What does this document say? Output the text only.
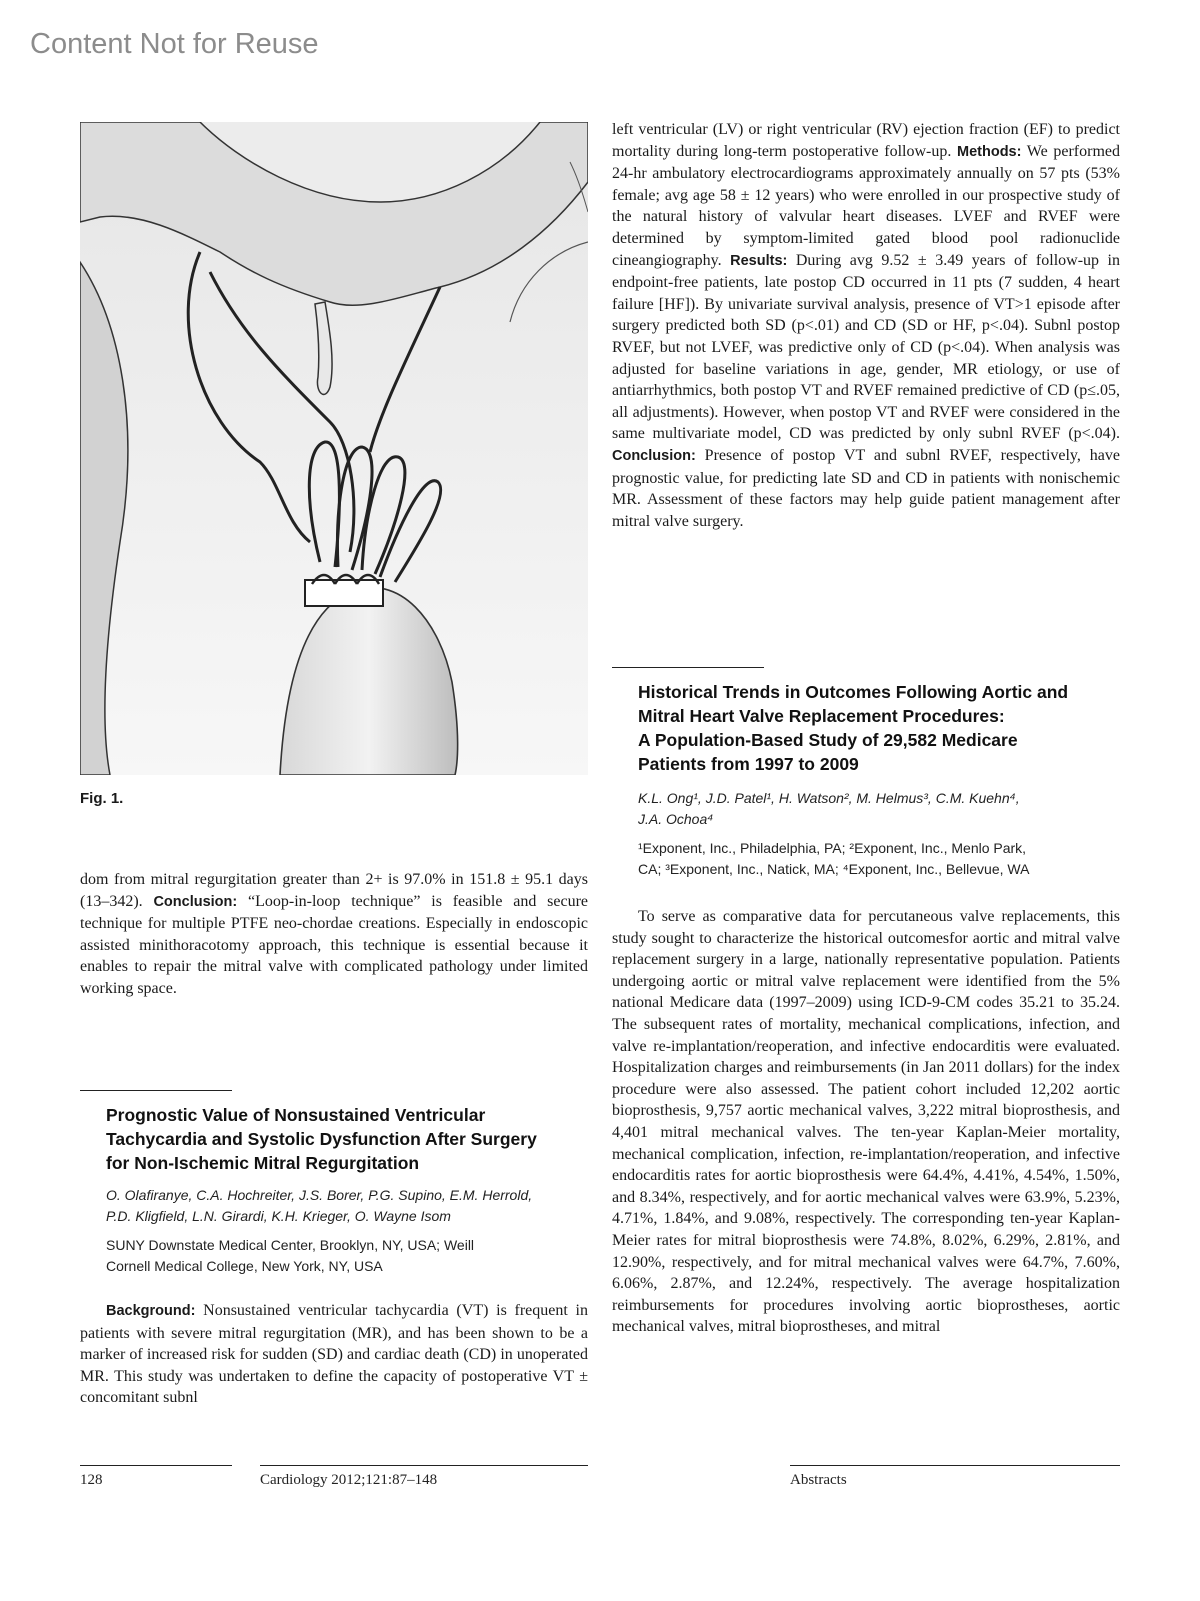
Content Not for Reuse
Fig. 1.

dom from mitral regurgitation greater than 2+ is 97.0% in 151.8 ± 95.1 days (13–342). Conclusion: “Loop-in-loop technique” is feasible and secure technique for multiple PTFE neo-chordae creations. Especially in endoscopic assisted minithoracotomy approach, this technique is essential because it enables to repair the mitral valve with complicated pathology under limited working space.

Prognostic Value of Nonsustained Ventricular
Tachycardia and Systolic Dysfunction After Surgery
for Non-Ischemic Mitral Regurgitation

O. Olafiranye, C.A. Hochreiter, J.S. Borer, P.G. Supino, E.M. Herrold,
P.D. Kligfield, L.N. Girardi, K.H. Krieger, O. Wayne Isom

SUNY Downstate Medical Center, Brooklyn, NY, USA; Weill
Cornell Medical College, New York, NY, USA

Background: Nonsustained ventricular tachycardia (VT) is frequent in patients with severe mitral regurgitation (MR), and has been shown to be a marker of increased risk for sudden (SD) and cardiac death (CD) in unoperated MR. This study was undertaken to define the capacity of postoperative VT ± concomitant subnl

left ventricular (LV) or right ventricular (RV) ejection fraction (EF) to predict mortality during long-term postoperative follow-up. Methods: We performed 24-hr ambulatory electrocardiograms approximately annually on 57 pts (53% female; avg age 58 ± 12 years) who were enrolled in our prospective study of the natural history of valvular heart diseases. LVEF and RVEF were determined by symptom-limited gated blood pool radionuclide cineangiography. Results: During avg 9.52 ± 3.49 years of follow-up in endpoint-free patients, late postop CD occurred in 11 pts (7 sudden, 4 heart failure [HF]). By univariate survival analysis, presence of VT>1 episode after surgery predicted both SD (p<.01) and CD (SD or HF, p<.04). Subnl postop RVEF, but not LVEF, was predictive only of CD (p<.04). When analysis was adjusted for baseline variations in age, gender, MR etiology, or use of antiarrhythmics, both postop VT and RVEF remained predictive of CD (p≤.05, all adjustments). However, when postop VT and RVEF were considered in the same multivariate model, CD was predicted by only subnl RVEF (p<.04). Conclusion: Presence of postop VT and subnl RVEF, respectively, have prognostic value, for predicting late SD and CD in patients with nonischemic MR. Assessment of these factors may help guide patient management after mitral valve surgery.

Historical Trends in Outcomes Following Aortic and
Mitral Heart Valve Replacement Procedures:
A Population-Based Study of 29,582 Medicare
Patients from 1997 to 2009

K.L. Ong¹, J.D. Patel¹, H. Watson², M. Helmus³, C.M. Kuehn⁴,
J.A. Ochoa⁴

¹Exponent, Inc., Philadelphia, PA; ²Exponent, Inc., Menlo Park,
CA; ³Exponent, Inc., Natick, MA; ⁴Exponent, Inc., Bellevue, WA

To serve as comparative data for percutaneous valve replacements, this study sought to characterize the historical outcomesfor aortic and mitral valve replacement surgery in a large, nationally representative population. Patients undergoing aortic or mitral valve replacement were identified from the 5% national Medicare data (1997–2009) using ICD-9-CM codes 35.21 to 35.24. The subsequent rates of mortality, mechanical complications, infection, and valve re-implantation/reoperation, and infective endocarditis were evaluated. Hospitalization charges and reimbursements (in Jan 2011 dollars) for the index procedure were also assessed. The patient cohort included 12,202 aortic bioprosthesis, 9,757 aortic mechanical valves, 3,222 mitral bioprosthesis, and 4,401 mitral mechanical valves. The ten-year Kaplan-Meier mortality, mechanical complication, infection, re-implantation/reoperation, and infective endocarditis rates for aortic bioprosthesis were 64.4%, 4.41%, 4.54%, 1.50%, and 8.34%, respectively, and for aortic mechanical valves were 63.9%, 5.23%, 4.71%, 1.84%, and 9.08%, respectively. The corresponding ten-year Kaplan-Meier rates for mitral bioprosthesis were 74.8%, 8.02%, 6.29%, 2.81%, and 12.90%, respectively, and for mitral mechanical valves were 64.7%, 7.60%, 6.06%, 2.87%, and 12.24%, respectively. The average hospitalization reimbursements for procedures involving aortic bioprostheses, aortic mechanical valves, mitral bioprostheses, and mitral

128	Cardiology 2012;121:87–148	Abstracts
